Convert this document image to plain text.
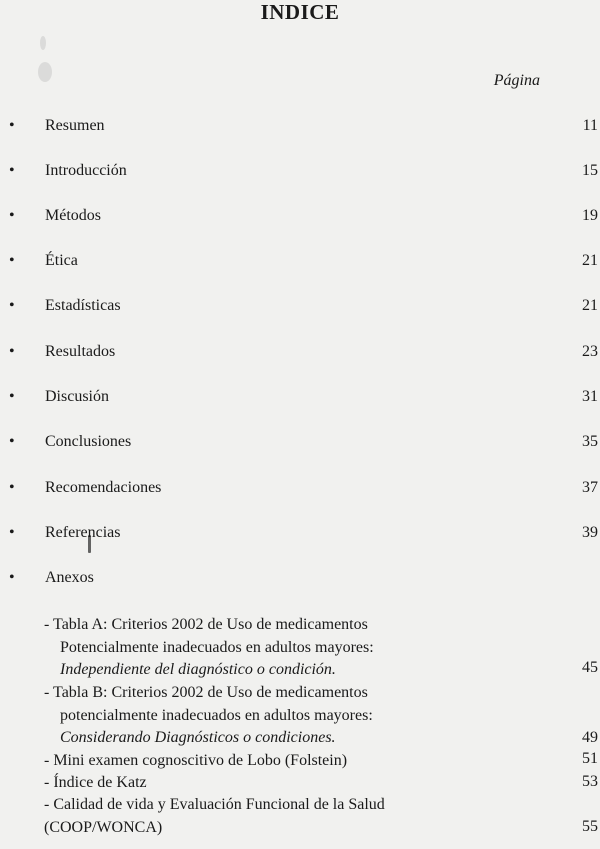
INDICE
Página
• Resumen	11
• Introducción	15
• Métodos	19
• Ética	21
• Estadísticas	21
• Resultados	23
• Discusión	31
• Conclusiones	35
• Recomendaciones	37
• Referencias	39
• Anexos
- Tabla A: Criterios 2002 de Uso de medicamentos
Potencialmente inadecuados en adultos mayores:
Independiente del diagnóstico o condición.	45
- Tabla B: Criterios 2002 de Uso de medicamentos
potencialmente inadecuados en adultos mayores:
Considerando Diagnósticos o condiciones.	49
- Mini examen cognoscitivo de Lobo (Folstein)	51
- Índice de Katz	53
- Calidad de vida y Evaluación Funcional de la Salud
(COOP/WONCA)	55
